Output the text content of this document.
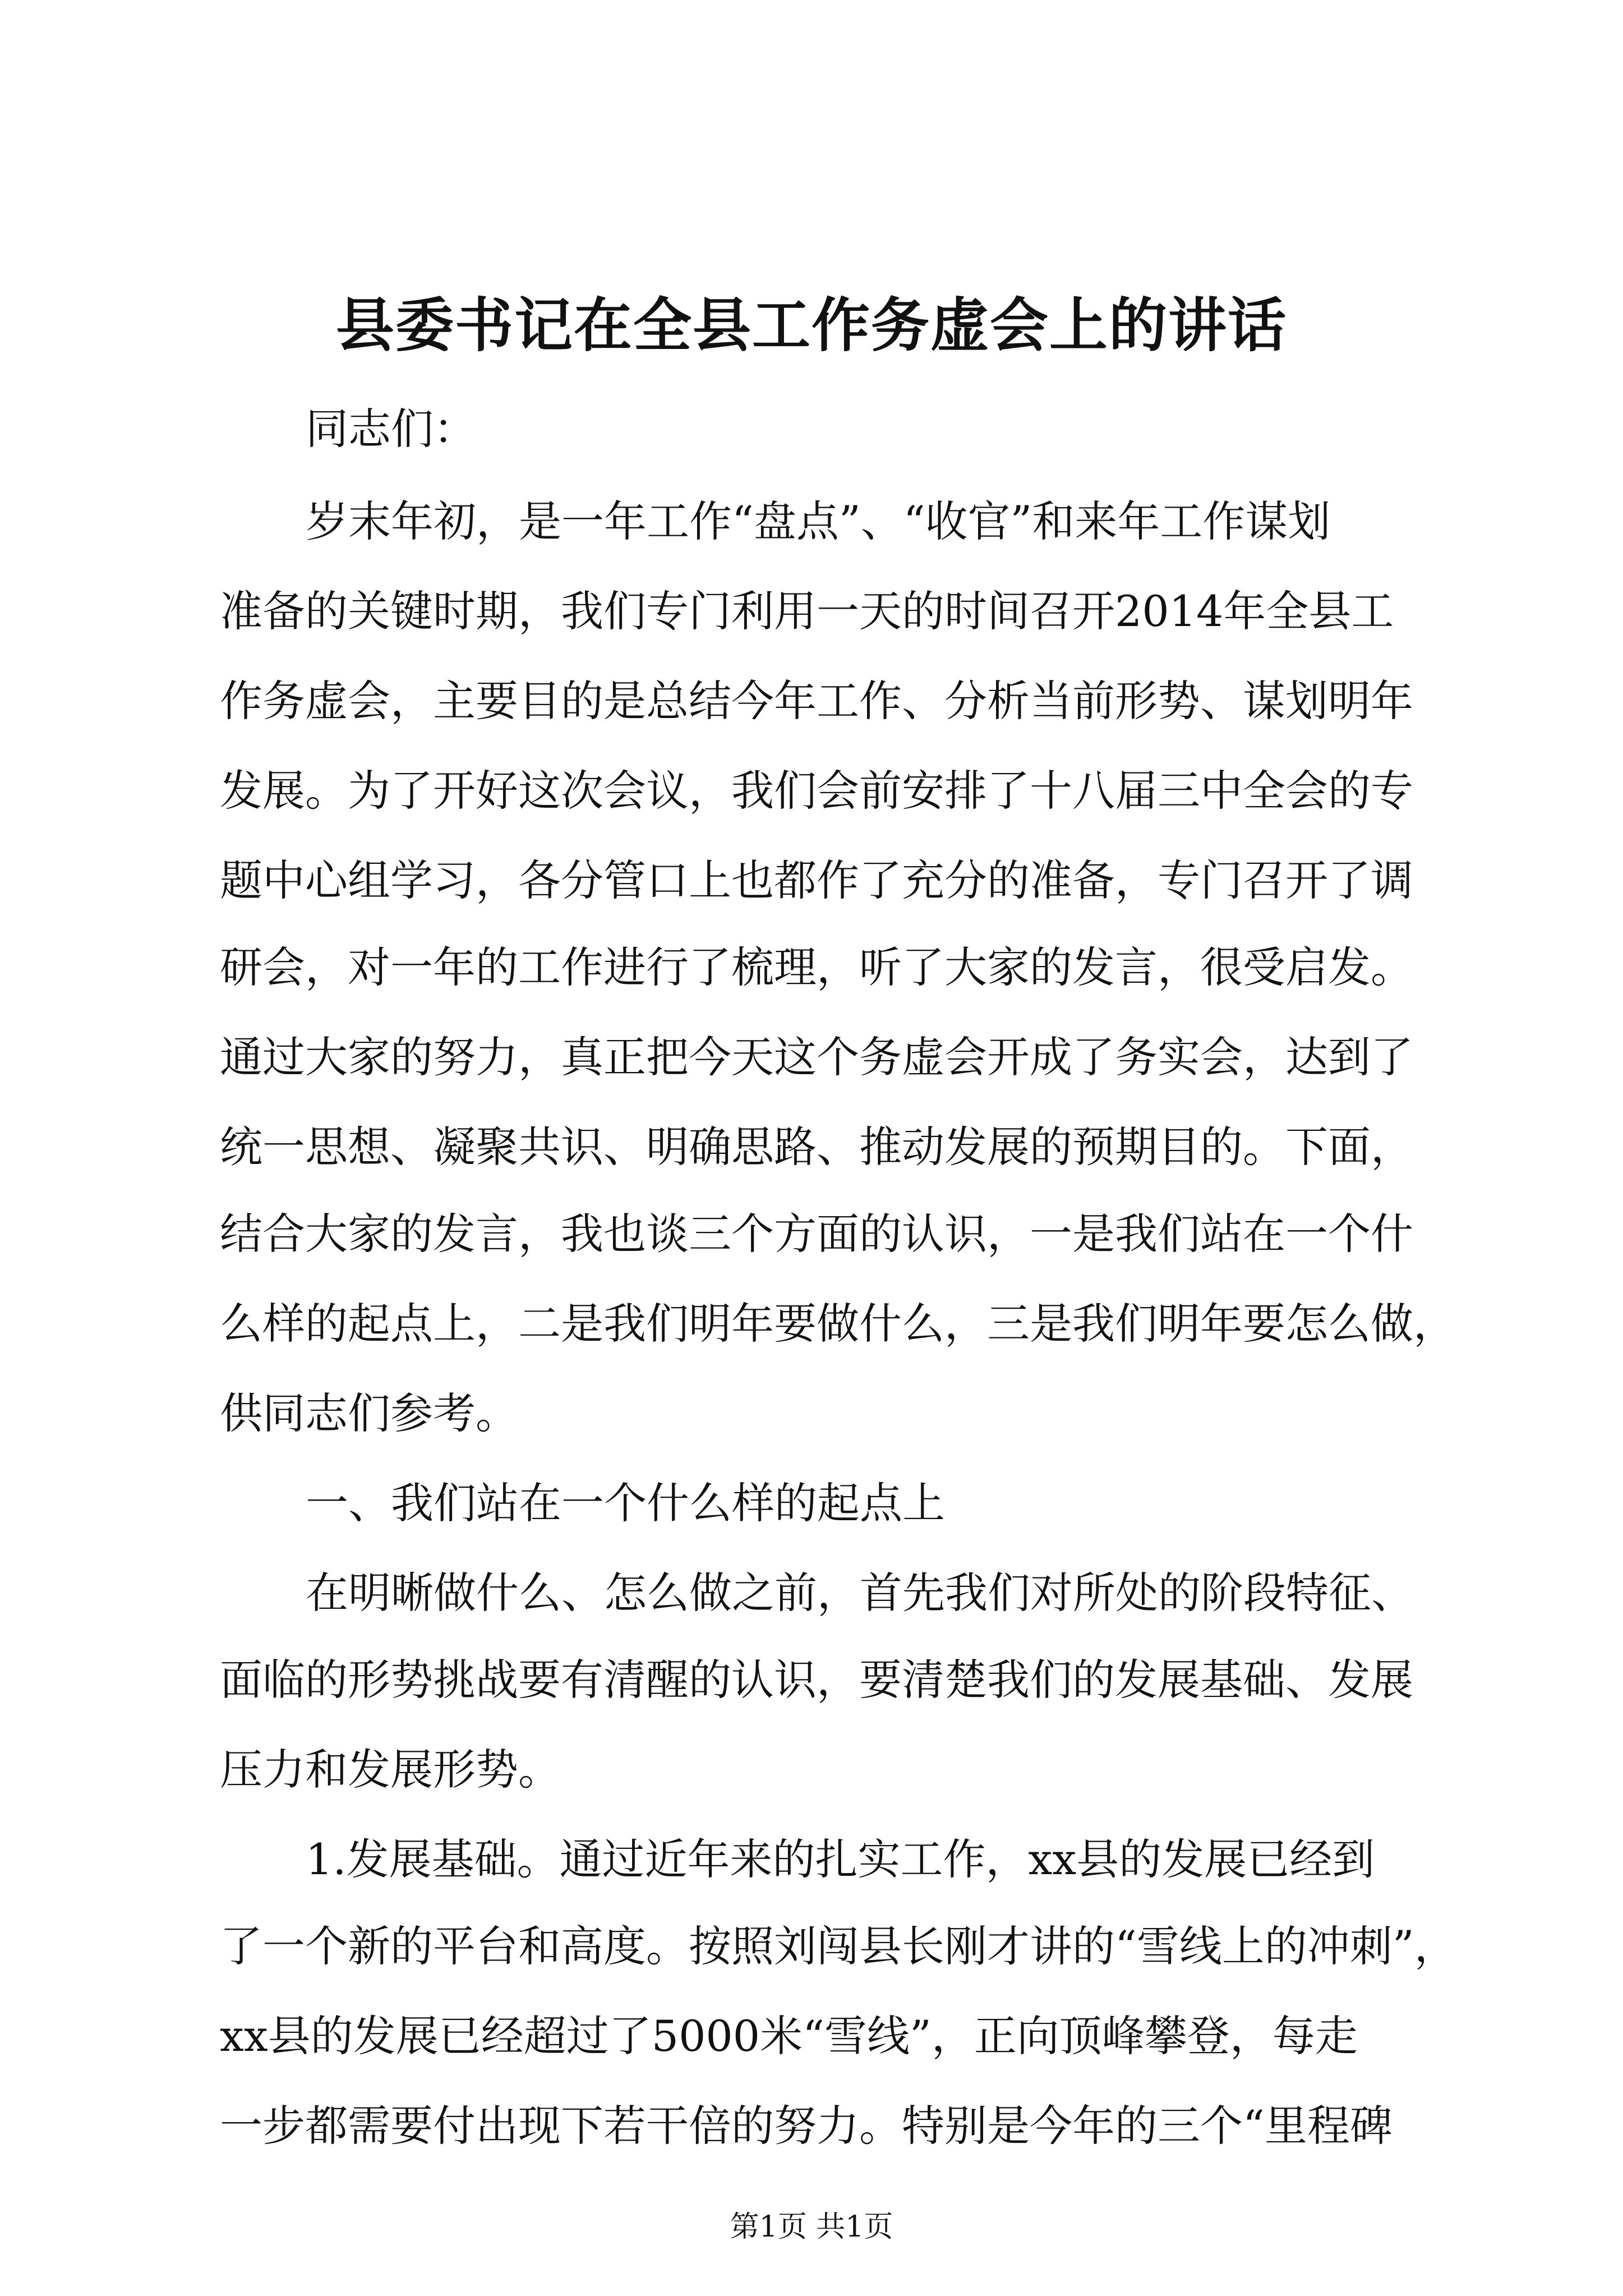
县委书记在全县工作务虚会上的讲话

同志们：

岁末年初，是一年工作“盘点”、“收官”和来年工作谋划

准备的关键时期，我们专门利用一天的时间召开2014年全县工

作务虚会，主要目的是总结今年工作、分析当前形势、谋划明年

发展。为了开好这次会议，我们会前安排了十八届三中全会的专

题中心组学习，各分管口上也都作了充分的准备，专门召开了调

研会，对一年的工作进行了梳理，听了大家的发言，很受启发。

通过大家的努力，真正把今天这个务虚会开成了务实会，达到了

统一思想、凝聚共识、明确思路、推动发展的预期目的。下面，

结合大家的发言，我也谈三个方面的认识，一是我们站在一个什

么样的起点上，二是我们明年要做什么，三是我们明年要怎么做，

供同志们参考。

一、我们站在一个什么样的起点上

在明晰做什么、怎么做之前，首先我们对所处的阶段特征、

面临的形势挑战要有清醒的认识，要清楚我们的发展基础、发展

压力和发展形势。

1.发展基础。通过近年来的扎实工作，xx县的发展已经到

了一个新的平台和高度。按照刘闯县长刚才讲的“雪线上的冲刺”，

xx县的发展已经超过了5000米“雪线”，正向顶峰攀登，每走

一步都需要付出现下若干倍的努力。特别是今年的三个“里程碑

第1页 共1页
